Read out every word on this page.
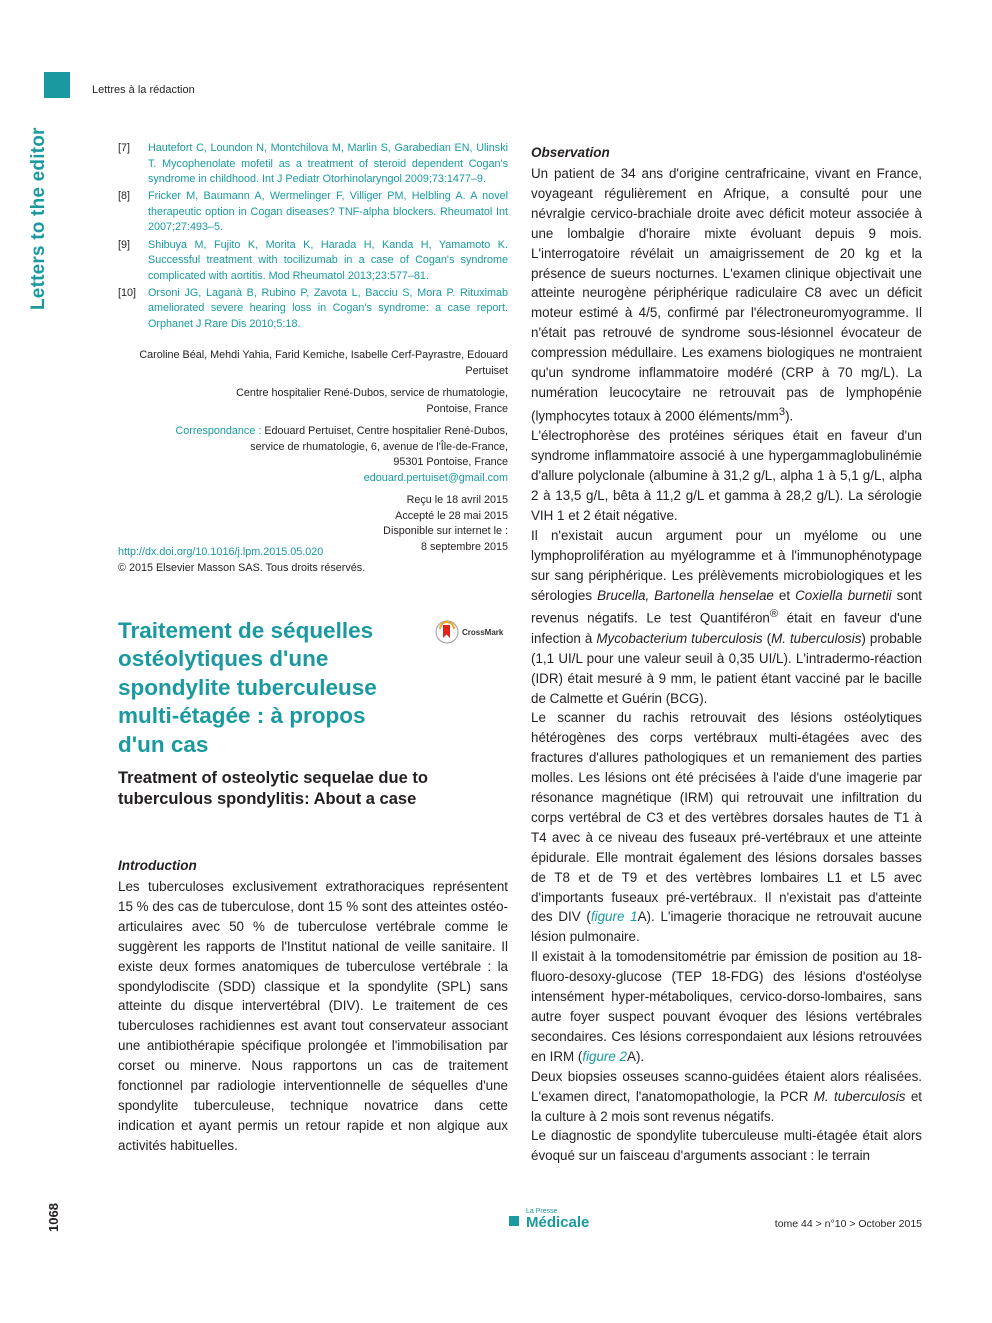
Letters to the editor
Lettres à la rédaction
1068
[7]	Hautefort C, Loundon N, Montchilova M, Marlin S, Garabedian EN, Ulinski T. Mycophenolate mofetil as a treatment of steroid dependent Cogan's syndrome in childhood. Int J Pediatr Otorhinolaryngol 2009;73:1477–9.
[8]	Fricker M, Baumann A, Wermelinger F, Villiger PM, Helbling A. A novel therapeutic option in Cogan diseases? TNF-alpha blockers. Rheumatol Int 2007;27:493–5.
[9]	Shibuya M, Fujito K, Morita K, Harada H, Kanda H, Yamamoto K. Successful treatment with tocilizumab in a case of Cogan's syndrome complicated with aortitis. Mod Rheumatol 2013;23:577–81.
[10]	Orsoni JG, Laganà B, Rubino P, Zavota L, Bacciu S, Mora P. Rituximab ameliorated severe hearing loss in Cogan's syndrome: a case report. Orphanet J Rare Dis 2010;5:18.

Caroline Béal, Mehdi Yahia, Farid Kemiche, Isabelle Cerf-Payrastre, Edouard Pertuiset

Centre hospitalier René-Dubos, service de rhumatologie,
Pontoise, France

Correspondance : Edouard Pertuiset, Centre hospitalier René-Dubos,
service de rhumatologie, 6, avenue de l'Île-de-France,
95301 Pontoise, France
edouard.pertuiset@gmail.com

Reçu le 18 avril 2015
Accepté le 28 mai 2015
Disponible sur internet le :
8 septembre 2015

http://dx.doi.org/10.1016/j.lpm.2015.05.020
© 2015 Elsevier Masson SAS. Tous droits réservés.
Traitement de séquelles ostéolytiques d'une spondylite tuberculeuse multi-étagée : à propos d'un cas
CrossMark
Treatment of osteolytic sequelae due to tuberculous spondylitis: About a case
Introduction

Les tuberculoses exclusivement extrathoraciques représentent 15 % des cas de tuberculose, dont 15 % sont des atteintes ostéo-articulaires avec 50 % de tuberculose vertébrale comme le suggèrent les rapports de l'Institut national de veille sanitaire. Il existe deux formes anatomiques de tuberculose vertébrale : la spondylodiscite (SDD) classique et la spondylite (SPL) sans atteinte du disque intervertébral (DIV). Le traitement de ces tuberculoses rachidiennes est avant tout conservateur associant une antibiothérapie spécifique prolongée et l'immobilisation par corset ou minerve. Nous rapportons un cas de traitement fonctionnel par radiologie interventionnelle de séquelles d'une spondylite tuberculeuse, technique novatrice dans cette indication et ayant permis un retour rapide et non algique aux activités habituelles.

Observation

Un patient de 34 ans d'origine centrafricaine, vivant en France, voyageant régulièrement en Afrique, a consulté pour une névralgie cervico-brachiale droite avec déficit moteur associée à une lombalgie d'horaire mixte évoluant depuis 9 mois. L'interrogatoire révélait un amaigrissement de 20 kg et la présence de sueurs nocturnes. L'examen clinique objectivait une atteinte neurogène périphérique radiculaire C8 avec un déficit moteur estimé à 4/5, confirmé par l'électroneuromyogramme. Il n'était pas retrouvé de syndrome sous-lésionnel évocateur de compression médullaire. Les examens biologiques ne montraient qu'un syndrome inflammatoire modéré (CRP à 70 mg/L). La numération leucocytaire ne retrouvait pas de lymphopénie (lymphocytes totaux à 2000 éléments/$mm^3$).

L'électrophorèse des protéines sériques était en faveur d'un syndrome inflammatoire associé à une hypergammaglobulinémie d'allure polyclonale (albumine à 31,2 g/L, alpha 1 à 5,1 g/L, alpha 2 à 13,5 g/L, bêta à 11,2 g/L et gamma à 28,2 g/L). La sérologie VIH 1 et 2 était négative.

Il n'existait aucun argument pour un myélome ou une lymphoprolifération au myélogramme et à l'immunophénotypage sur sang périphérique. Les prélèvements microbiologiques et les sérologies Brucella, Bartonella henselae et Coxiella burnetii sont revenus négatifs. Le test Quantiféron® était en faveur d'une infection à Mycobacterium tuberculosis (M. tuberculosis) probable (1,1 UI/L pour une valeur seuil à 0,35 UI/L). L'intradermo-réaction (IDR) était mesuré à 9 mm, le patient étant vacciné par le bacille de Calmette et Guérin (BCG).

Le scanner du rachis retrouvait des lésions ostéolytiques hétérogènes des corps vertébraux multi-étagées avec des fractures d'allures pathologiques et un remaniement des parties molles. Les lésions ont été précisées à l'aide d'une imagerie par résonance magnétique (IRM) qui retrouvait une infiltration du corps vertébral de C3 et des vertèbres dorsales hautes de T1 à T4 avec à ce niveau des fuseaux pré-vertébraux et une atteinte épidurale. Elle montrait également des lésions dorsales basses de T8 et de T9 et des vertèbres lombaires L1 et L5 avec d'importants fuseaux pré-vertébraux. Il n'existait pas d'atteinte des DIV (figure 1A). L'imagerie thoracique ne retrouvait aucune lésion pulmonaire.

Il existait à la tomodensitométrie par émission de position au 18-fluoro-desoxy-glucose (TEP 18-FDG) des lésions d'ostéolyse intensément hyper-métaboliques, cervico-dorso-lombaires, sans autre foyer suspect pouvant évoquer des lésions vertébrales secondaires. Ces lésions correspondaient aux lésions retrouvées en IRM (figure 2A).

Deux biopsies osseuses scanno-guidées étaient alors réalisées. L'examen direct, l'anatomopathologie, la PCR M. tuberculosis et la culture à 2 mois sont revenus négatifs.

Le diagnostic de spondylite tuberculeuse multi-étagée était alors évoqué sur un faisceau d'arguments associant : le terrain

La Presse
Médicale	tome 44 > n°10 > October 2015
